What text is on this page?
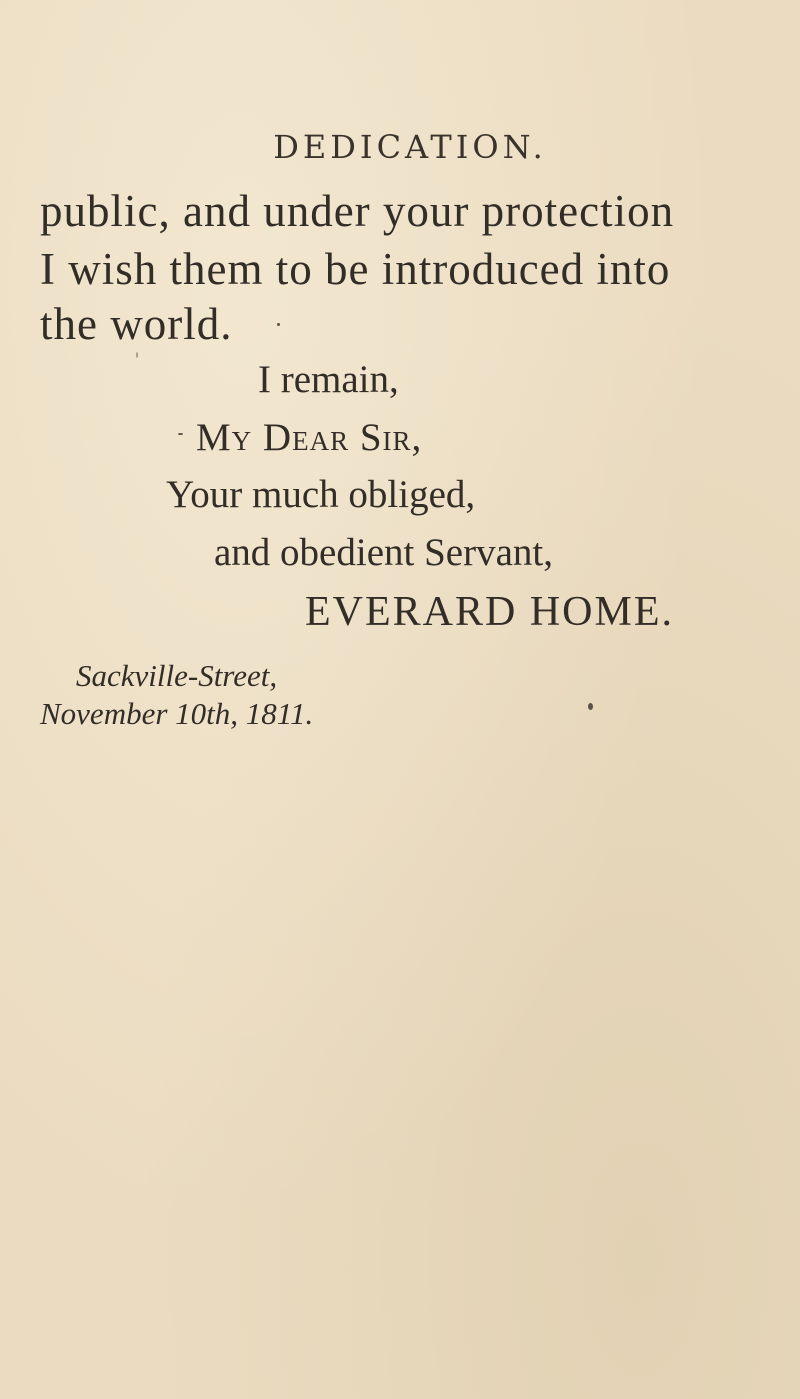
DEDICATION.
public, and under your protection
I wish them to be introduced into
the world.
I remain,
My Dear Sir,
Your much obliged,
and obedient Servant,
EVERARD HOME.
Sackville-Street,
November 10th, 1811.
